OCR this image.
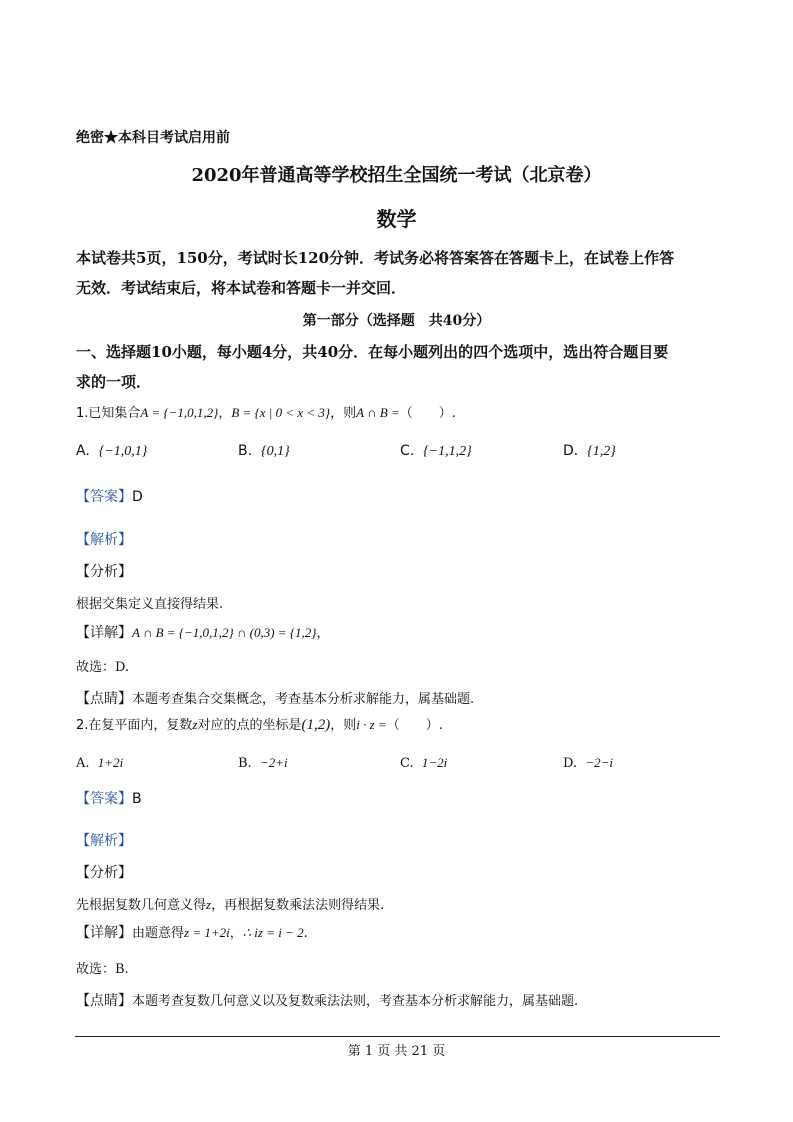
绝密★本科目考试启用前
2020年普通高等学校招生全国统一考试（北京卷）
数学
本试卷共5页，150分，考试时长120分钟．考试务必将答案答在答题卡上，在试卷上作答
无效．考试结束后，将本试卷和答题卡一并交回．
第一部分（选择题　共40分）
一、选择题10小题，每小题4分，共40分．在每小题列出的四个选项中，选出符合题目要
求的一项．
1.已知集合A = {−1,0,1,2}，B = {x | 0 < x < 3}，则A ∩ B =（　　）.
A. {−1,0,1}	B. {0,1}	C. {−1,1,2}	D. {1,2}
【答案】D
【解析】
【分析】
根据交集定义直接得结果.
【详解】A ∩ B = {−1,0,1,2} ∩ (0,3) = {1,2}，
故选：D.
【点睛】本题考查集合交集概念，考查基本分析求解能力，属基础题.
2.在复平面内，复数z对应的点的坐标是(1,2)，则i · z =（　　）.
A. 1+2i	B. −2+i	C. 1−2i	D. −2−i
【答案】B
【解析】
【分析】
先根据复数几何意义得z，再根据复数乘法法则得结果.
【详解】由题意得z = 1+2i，∴ iz = i − 2.
故选：B.
【点睛】本题考查复数几何意义以及复数乘法法则，考查基本分析求解能力，属基础题.
第 1 页 共 21 页
